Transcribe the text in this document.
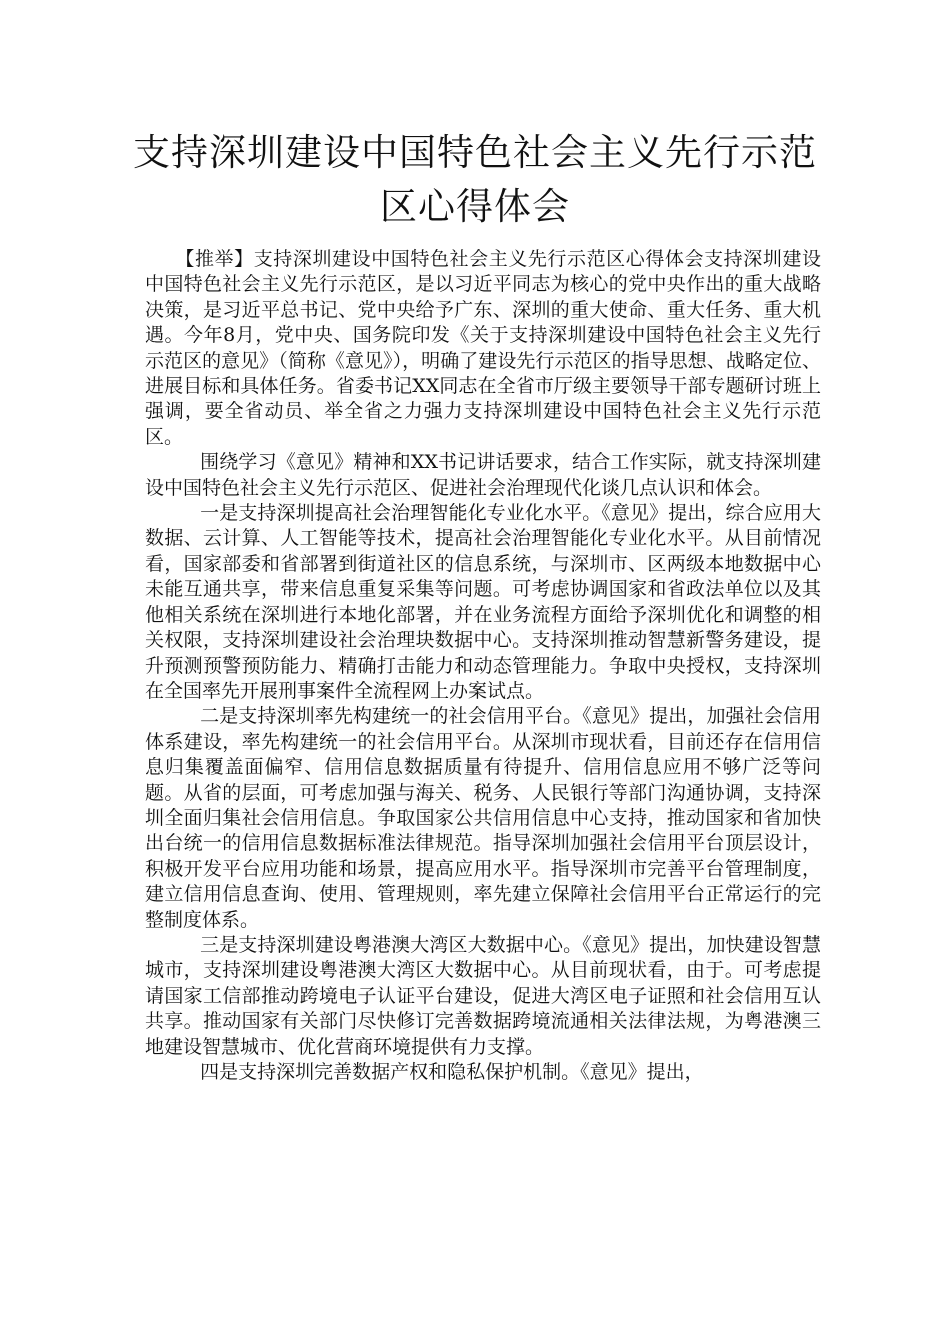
支持深圳建设中国特色社会主义先行示范
区心得体会

【推举】支持深圳建设中国特色社会主义先行示范区心得体会支持深圳建设中国特色社会主义先行示范区，是以习近平同志为核心的党中央作出的重大战略决策，是习近平总书记、党中央给予广东、深圳的重大使命、重大任务、重大机遇。今年8月，党中央、国务院印发《关于支持深圳建设中国特色社会主义先行示范区的意见》（简称《意见》），明确了建设先行示范区的指导思想、战略定位、进展目标和具体任务。省委书记XX同志在全省市厅级主要领导干部专题研讨班上强调，要全省动员、举全省之力强力支持深圳建设中国特色社会主义先行示范区。

围绕学习《意见》精神和XX书记讲话要求，结合工作实际，就支持深圳建设中国特色社会主义先行示范区、促进社会治理现代化谈几点认识和体会。

一是支持深圳提高社会治理智能化专业化水平。《意见》提出，综合应用大数据、云计算、人工智能等技术，提高社会治理智能化专业化水平。从目前情况看，国家部委和省部署到街道社区的信息系统，与深圳市、区两级本地数据中心未能互通共享，带来信息重复采集等问题。可考虑协调国家和省政法单位以及其他相关系统在深圳进行本地化部署，并在业务流程方面给予深圳优化和调整的相关权限，支持深圳建设社会治理块数据中心。支持深圳推动智慧新警务建设，提升预测预警预防能力、精确打击能力和动态管理能力。争取中央授权，支持深圳在全国率先开展刑事案件全流程网上办案试点。

二是支持深圳率先构建统一的社会信用平台。《意见》提出，加强社会信用体系建设，率先构建统一的社会信用平台。从深圳市现状看，目前还存在信用信息归集覆盖面偏窄、信用信息数据质量有待提升、信用信息应用不够广泛等问题。从省的层面，可考虑加强与海关、税务、人民银行等部门沟通协调，支持深圳全面归集社会信用信息。争取国家公共信用信息中心支持，推动国家和省加快出台统一的信用信息数据标准法律规范。指导深圳加强社会信用平台顶层设计，积极开发平台应用功能和场景，提高应用水平。指导深圳市完善平台管理制度，建立信用信息查询、使用、管理规则，率先建立保障社会信用平台正常运行的完整制度体系。

三是支持深圳建设粤港澳大湾区大数据中心。《意见》提出，加快建设智慧城市，支持深圳建设粤港澳大湾区大数据中心。从目前现状看，由于。可考虑提请国家工信部推动跨境电子认证平台建设，促进大湾区电子证照和社会信用互认共享。推动国家有关部门尽快修订完善数据跨境流通相关法律法规，为粤港澳三地建设智慧城市、优化营商环境提供有力支撑。

四是支持深圳完善数据产权和隐私保护机制。《意见》提出，
